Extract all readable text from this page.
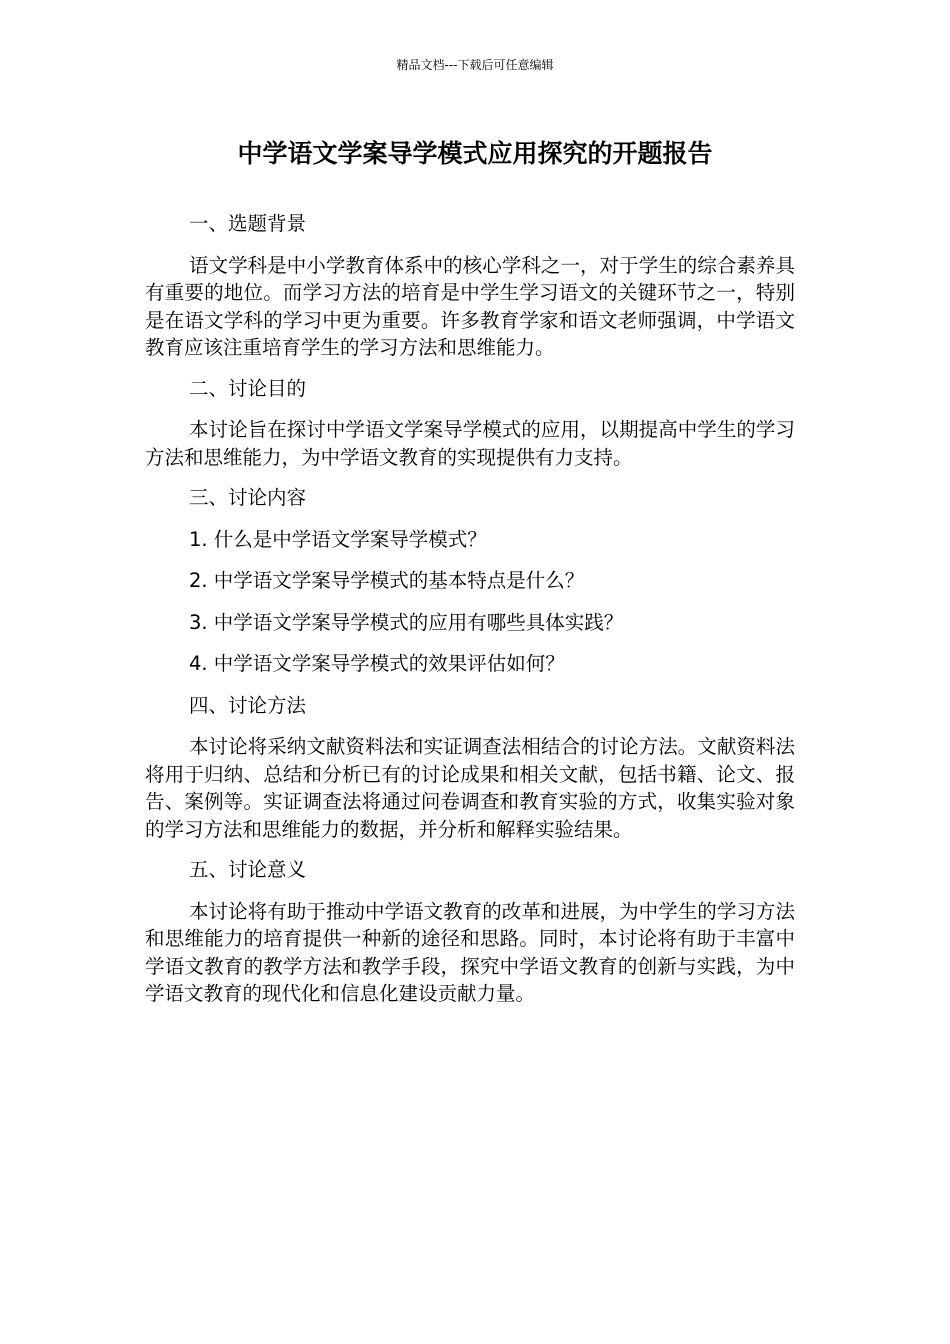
精品文档---下载后可任意编辑
中学语文学案导学模式应用探究的开题报告

一、选题背景

语文学科是中小学教育体系中的核心学科之一，对于学生的综合素养具有重要的地位。而学习方法的培育是中学生学习语文的关键环节之一，特别是在语文学科的学习中更为重要。许多教育学家和语文老师强调，中学语文教育应该注重培育学生的学习方法和思维能力。

二、讨论目的

本讨论旨在探讨中学语文学案导学模式的应用，以期提高中学生的学习方法和思维能力，为中学语文教育的实现提供有力支持。

三、讨论内容

1. 什么是中学语文学案导学模式？

2. 中学语文学案导学模式的基本特点是什么？

3. 中学语文学案导学模式的应用有哪些具体实践？

4. 中学语文学案导学模式的效果评估如何？

四、讨论方法

本讨论将采纳文献资料法和实证调查法相结合的讨论方法。文献资料法将用于归纳、总结和分析已有的讨论成果和相关文献，包括书籍、论文、报告、案例等。实证调查法将通过问卷调查和教育实验的方式，收集实验对象的学习方法和思维能力的数据，并分析和解释实验结果。

五、讨论意义

本讨论将有助于推动中学语文教育的改革和进展，为中学生的学习方法和思维能力的培育提供一种新的途径和思路。同时，本讨论将有助于丰富中学语文教育的教学方法和教学手段，探究中学语文教育的创新与实践，为中学语文教育的现代化和信息化建设贡献力量。
